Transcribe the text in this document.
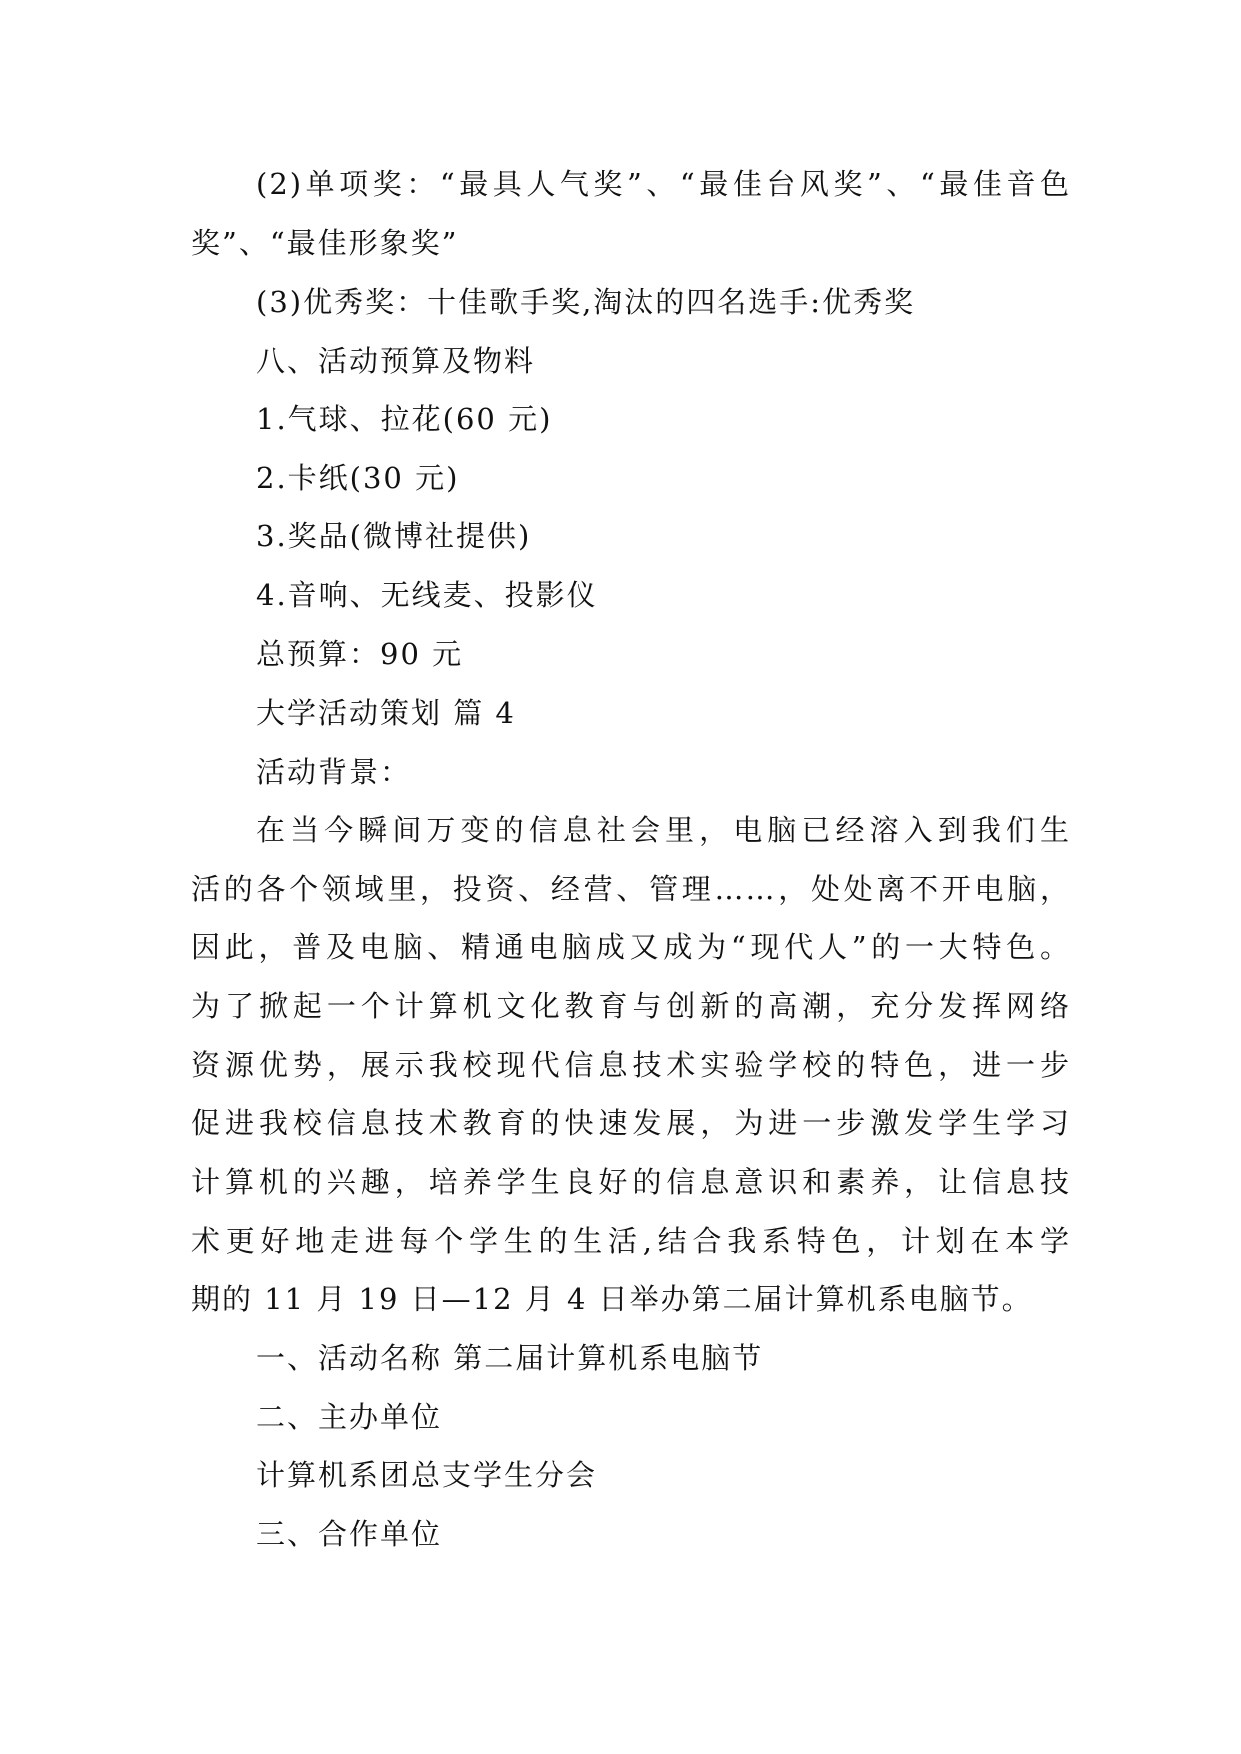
(2)单项奖：“最具人气奖”、“最佳台风奖”、“最佳音色
奖”、“最佳形象奖”
(3)优秀奖：十佳歌手奖,淘汰的四名选手:优秀奖
八、活动预算及物料
1.气球、拉花(60 元)
2.卡纸(30 元)
3.奖品(微博社提供)
4.音响、无线麦、投影仪
总预算：90 元
大学活动策划 篇 4
活动背景：
在当今瞬间万变的信息社会里，电脑已经溶入到我们生
活的各个领域里，投资、经营、管理……，处处离不开电脑，
因此，普及电脑、精通电脑成又成为“现代人”的一大特色。
为了掀起一个计算机文化教育与创新的高潮，充分发挥网络
资源优势，展示我校现代信息技术实验学校的特色，进一步
促进我校信息技术教育的快速发展，为进一步激发学生学习
计算机的兴趣，培养学生良好的信息意识和素养，让信息技
术更好地走进每个学生的生活,结合我系特色，计划在本学
期的 11 月 19 日—12 月 4 日举办第二届计算机系电脑节。
一、活动名称 第二届计算机系电脑节
二、主办单位
计算机系团总支学生分会
三、合作单位
